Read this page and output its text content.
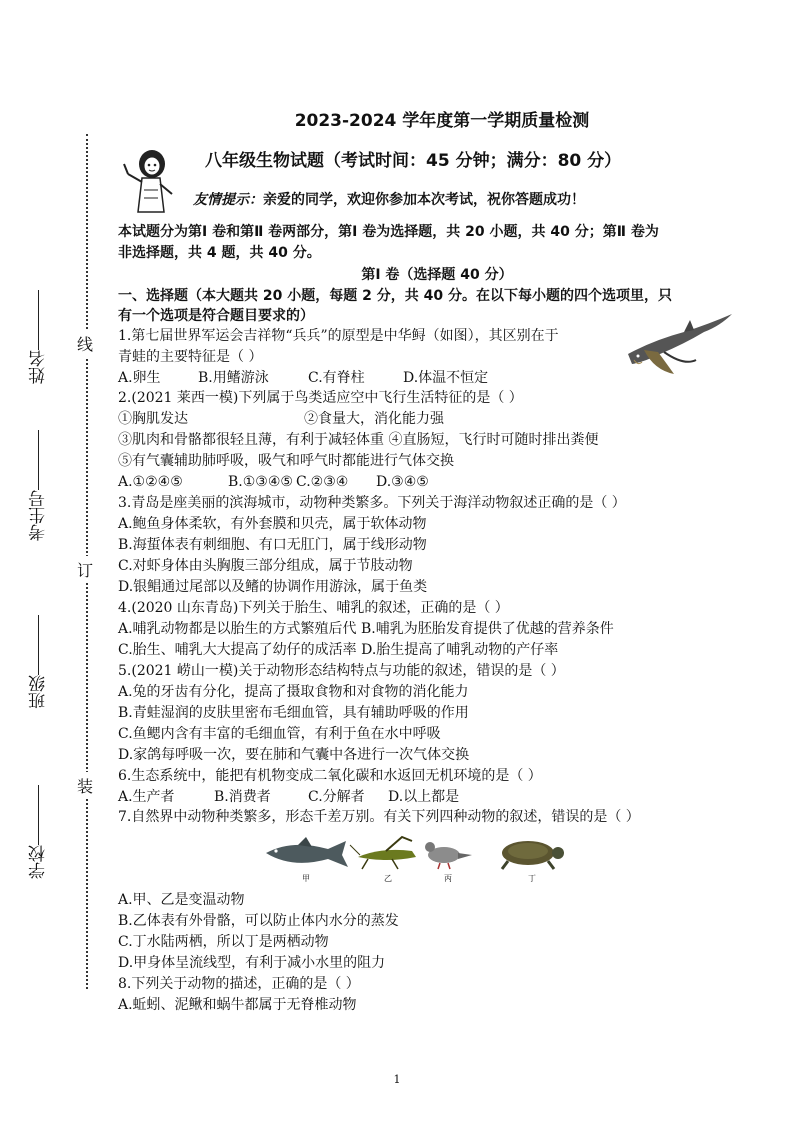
线
订
装
学校
班级
考生号
姓名
2023-2024 学年度第一学期质量检测
八年级生物试题（考试时间：45 分钟；满分：80 分）
友情提示：亲爱的同学，欢迎你参加本次考试，祝你答题成功！
本试题分为第Ⅰ 卷和第Ⅱ 卷两部分，第Ⅰ 卷为选择题，共 20 小题，共 40 分；第Ⅱ 卷为
非选择题，共 4 题，共 40 分。
第Ⅰ 卷（选择题 40 分）
一、选择题（本大题共 20 小题，每题 2 分，共 40 分。在以下每小题的四个选项里，只
有一个选项是符合题目要求的）
1.第七届世界军运会吉祥物“兵兵”的原型是中华鲟（如图），其区别在于
青蛙的主要特征是（ ）
A.卵生	B.用鳍游泳	C.有脊柱	D.体温不恒定
2.(2021 莱西一模)下列属于鸟类适应空中飞行生活特征的是（ ）
①胸肌发达	②食量大，消化能力强
③肌肉和骨骼都很轻且薄，有利于减轻体重 ④直肠短，飞行时可随时排出粪便
⑤有气囊辅助肺呼吸，吸气和呼气时都能进行气体交换
A.①②④⑤	B.①③④⑤ C.②③④ D.③④⑤
3.青岛是座美丽的滨海城市，动物种类繁多。下列关于海洋动物叙述正确的是（ ）
A.鲍鱼身体柔软，有外套膜和贝壳，属于软体动物
B.海蜇体表有刺细胞、有口无肛门，属于线形动物
C.对虾身体由头胸腹三部分组成，属于节肢动物
D.银鲳通过尾部以及鳍的协调作用游泳，属于鱼类
4.(2020 山东青岛)下列关于胎生、哺乳的叙述，正确的是（ ）
A.哺乳动物都是以胎生的方式繁殖后代 B.哺乳为胚胎发育提供了优越的营养条件
C.胎生、哺乳大大提高了幼仔的成活率 D.胎生提高了哺乳动物的产仔率
5.(2021 崂山一模)关于动物形态结构特点与功能的叙述，错误的是（ ）
A.兔的牙齿有分化，提高了摄取食物和对食物的消化能力
B.青蛙湿润的皮肤里密布毛细血管，具有辅助呼吸的作用
C.鱼鳃内含有丰富的毛细血管，有利于鱼在水中呼吸
D.家鸽每呼吸一次，要在肺和气囊中各进行一次气体交换
6.生态系统中，能把有机物变成二氧化碳和水返回无机环境的是（ ）
A.生产者	B.消费者	C.分解者 D.以上都是
7.自然界中动物种类繁多，形态千差万别。有关下列四种动物的叙述，错误的是（ ）
甲	乙	丙	丁
A.甲、乙是变温动物
B.乙体表有外骨骼，可以防止体内水分的蒸发
C.丁水陆两栖，所以丁是两栖动物
D.甲身体呈流线型，有利于减小水里的阻力
8.下列关于动物的描述，正确的是（ ）
A.蚯蚓、泥鳅和蜗牛都属于无脊椎动物
1
